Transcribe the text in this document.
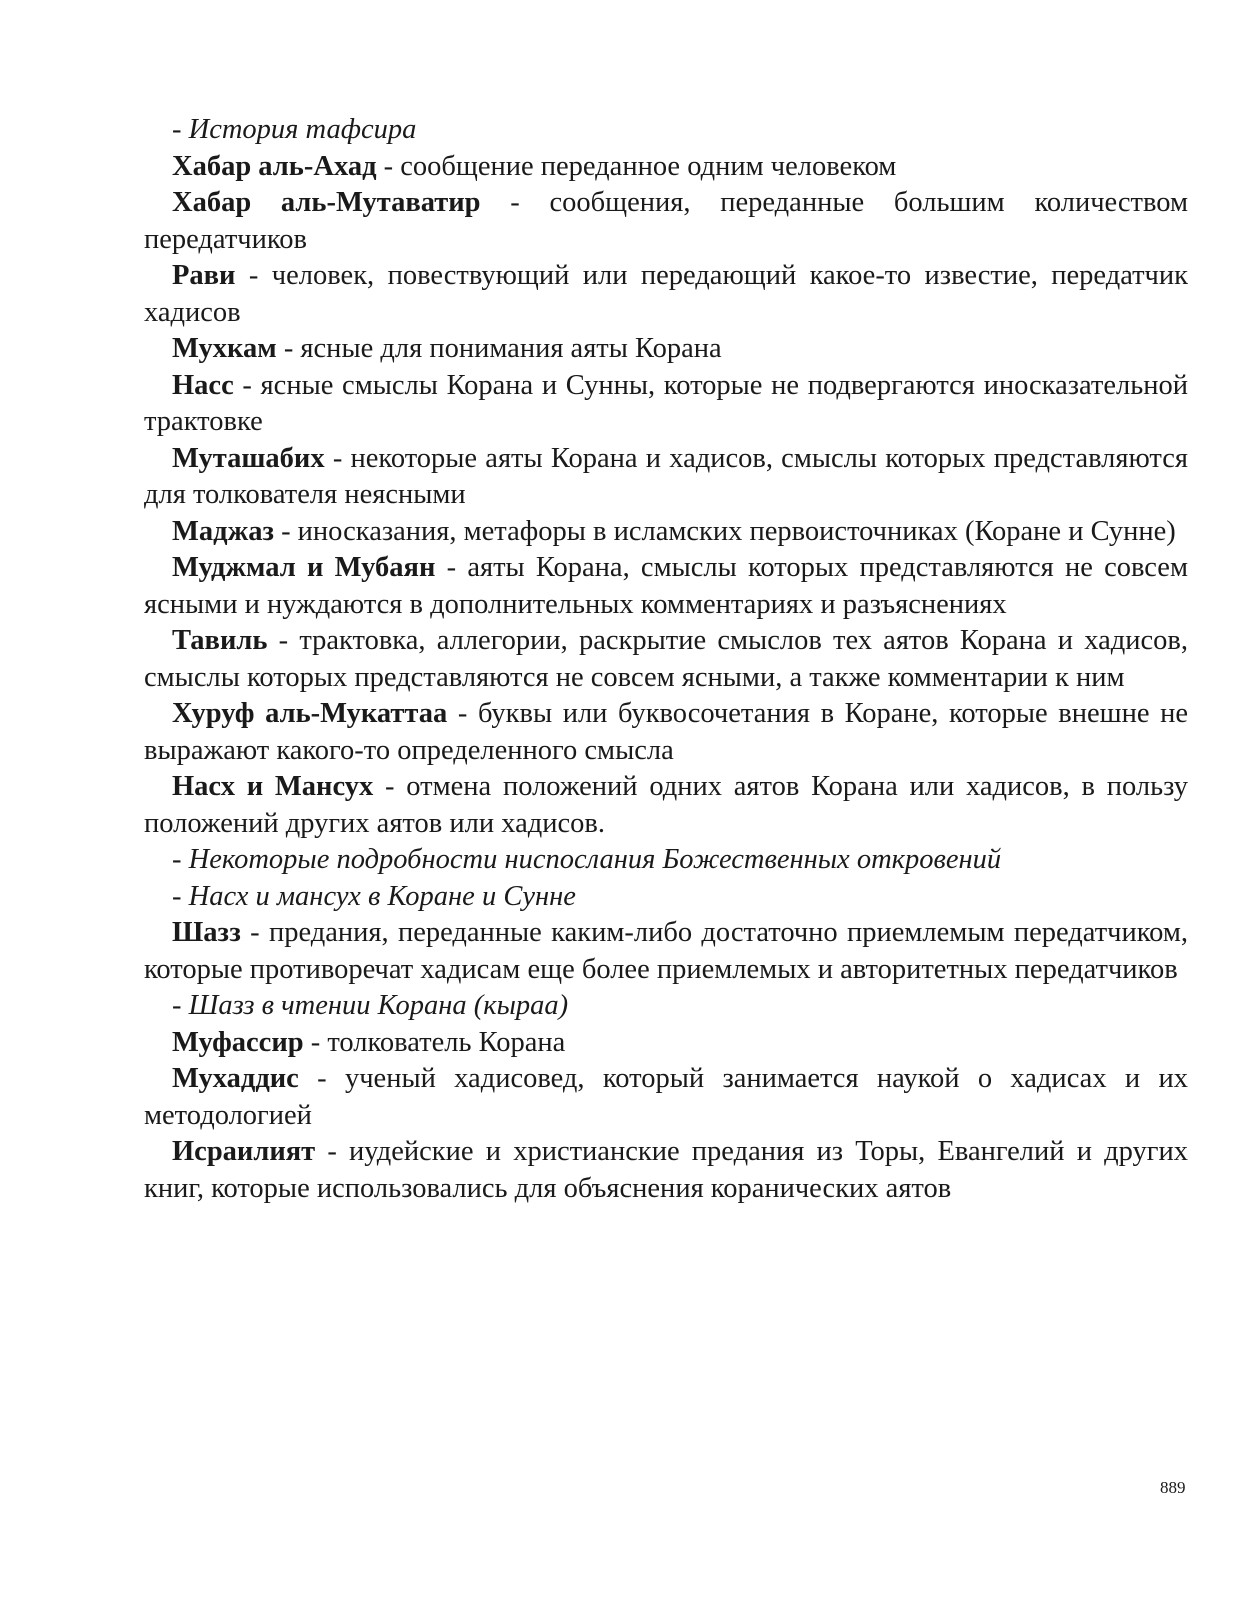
- История тафсира

Хабар аль-Ахад - сообщение переданное одним человеком

Хабар аль-Мутаватир - сообщения, переданные большим количеством передатчиков

Рави - человек, повествующий или передающий какое-то известие, передатчик хадисов

Мухкам - ясные для понимания аяты Корана

Насс - ясные смыслы Корана и Сунны, которые не подвергаются иносказательной трактовке

Муташабих - некоторые аяты Корана и хадисов, смыслы которых представляются для толкователя неясными

Маджаз - иносказания, метафоры в исламских первоисточниках (Коране и Сунне)

Муджмал и Мубаян - аяты Корана, смыслы которых представляются не совсем ясными и нуждаются в дополнительных комментариях и разъяснениях

Тавиль - трактовка, аллегории, раскрытие смыслов тех аятов Корана и хадисов, смыслы которых представляются не совсем ясными, а также комментарии к ним

Хуруф аль-Мукаттаа - буквы или буквосочетания в Коране, которые внешне не выражают какого-то определенного смысла

Насх и Мансух - отмена положений одних аятов Корана или хадисов, в пользу положений других аятов или хадисов.

- Некоторые подробности ниспослания Божественных откровений

- Насх и мансух в Коране и Сунне

Шазз - предания, переданные каким-либо достаточно приемлемым передатчиком, которые противоречат хадисам еще более приемлемых и авторитетных передатчиков

- Шазз в чтении Корана (кыраа)

Муфассир - толкователь Корана

Мухаддис - ученый хадисовед, который занимается наукой о хадисах и их методологией

Исраилият - иудейские и христианские предания из Торы, Евангелий и других книг, которые использовались для объяснения коранических аятов

889
